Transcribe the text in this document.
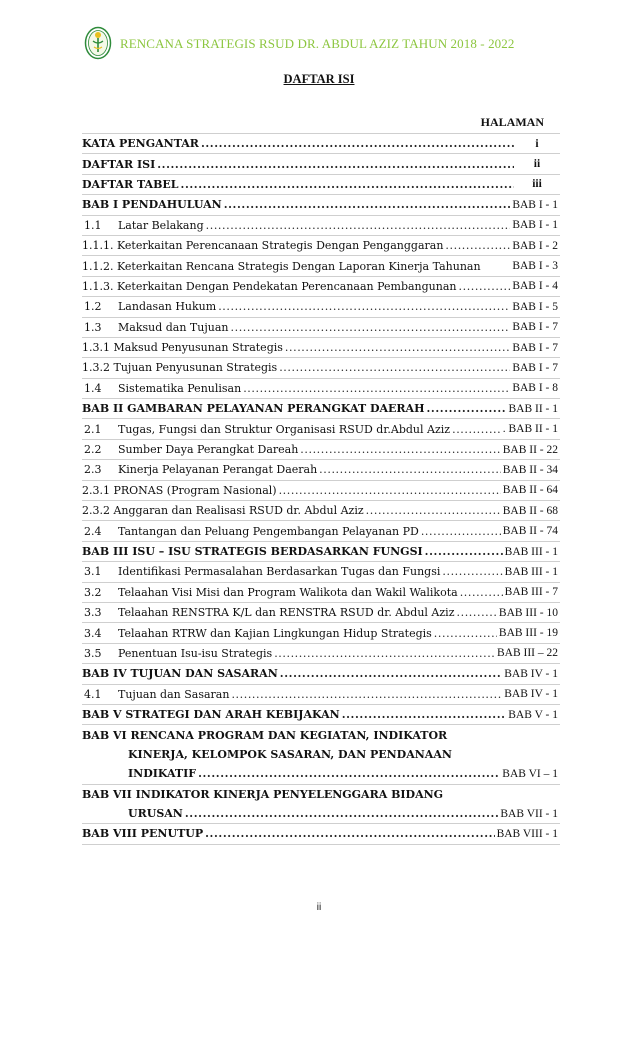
RENCANA STRATEGIS RSUD DR. ABDUL AZIZ TAHUN 2018 - 2022
DAFTAR ISI
HALAMAN
KATA PENGANTAR .....	i
DAFTAR ISI .....	ii
DAFTAR TABEL .....	iii
BAB I PENDAHULUAN .....	BAB I - 1
1.1	Latar Belakang .....	BAB I - 1
1.1.1. Keterkaitan Perencanaan Strategis Dengan Penganggaran .....	BAB I - 2
1.1.2. Keterkaitan Rencana Strategis Dengan Laporan Kinerja Tahunan	BAB I - 3
1.1.3. Keterkaitan Dengan Pendekatan Perencanaan Pembangunan .....	BAB I - 4
1.2	Landasan Hukum .....	BAB I - 5
1.3	Maksud dan Tujuan .....	BAB I - 7
1.3.1 Maksud Penyusunan Strategis .....	BAB I - 7
1.3.2 Tujuan Penyusunan Strategis .....	BAB I - 7
1.4	Sistematika Penulisan .....	BAB I - 8
BAB II GAMBARAN PELAYANAN PERANGKAT DAERAH .....	BAB II - 1
2.1	Tugas, Fungsi dan Struktur Organisasi RSUD dr.Abdul Aziz .....	. BAB II - 1
2.2	Sumber Daya Perangkat Dareah .....	BAB II - 22
2.3	Kinerja Pelayanan Perangat Daerah .....	BAB II - 34
2.3.1 PRONAS (Program Nasional) .....	BAB II - 64
2.3.2 Anggaran dan Realisasi RSUD dr. Abdul Aziz .....	BAB II - 68
2.4	Tantangan dan Peluang Pengembangan Pelayanan PD .....	BAB II - 74
BAB III ISU – ISU STRATEGIS BERDASARKAN FUNGSI .....	BAB III - 1
3.1	Identifikasi Permasalahan Berdasarkan Tugas dan Fungsi .....	BAB III - 1
3.2	Telaahan Visi Misi dan Program Walikota dan Wakil Walikota .....	BAB III - 7
3.3	Telaahan RENSTRA K/L dan RENSTRA RSUD dr. Abdul Aziz .....	BAB III - 10
3.4	Telaahan RTRW dan Kajian Lingkungan Hidup Strategis .....	BAB III - 19
3.5	Penentuan Isu-isu Strategis .....	BAB III – 22
BAB IV TUJUAN DAN SASARAN .....	BAB IV - 1
4.1	Tujuan dan Sasaran .....	BAB IV - 1
BAB V STRATEGI DAN ARAH KEBIJAKAN .....	BAB V - 1
BAB VI RENCANA PROGRAM DAN KEGIATAN, INDIKATOR
KINERJA, KELOMPOK SASARAN, DAN PENDANAAN
INDIKATIF .....	BAB VI – 1
BAB VII INDIKATOR KINERJA PENYELENGGARA BIDANG
URUSAN .....	BAB VII - 1
BAB VIII PENUTUP .....	BAB VIII - 1
ii
